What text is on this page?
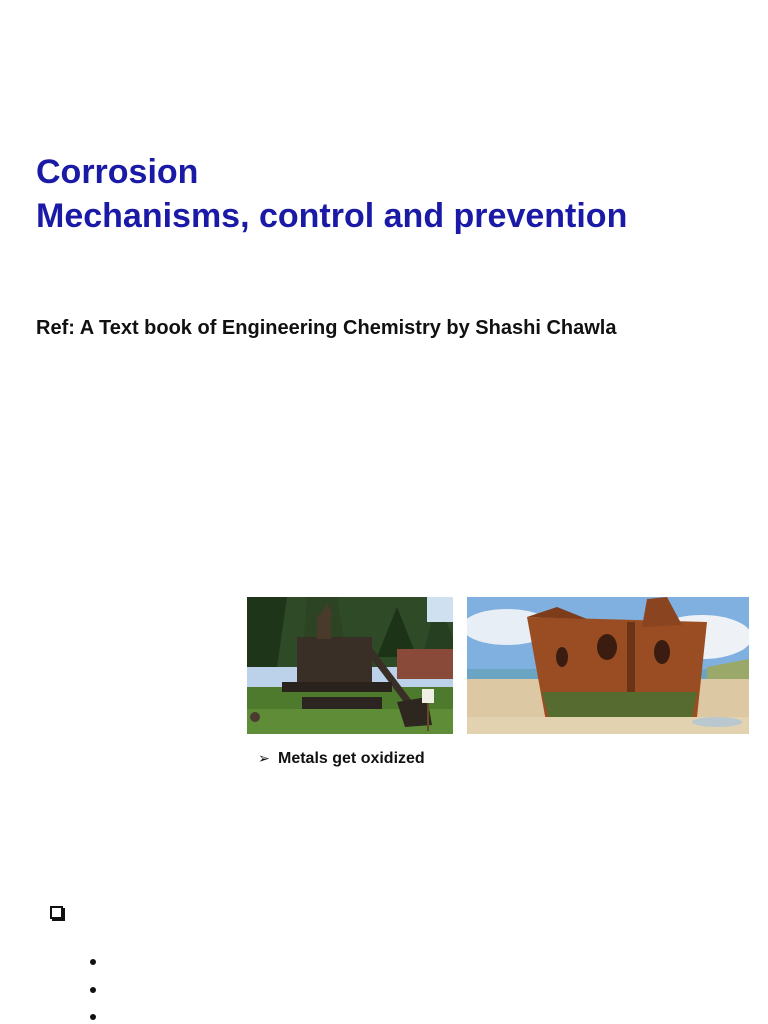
Corrosion
Mechanisms, control and prevention
Ref: A Text book of Engineering Chemistry by Shashi Chawla
➢ Metals get oxidized
